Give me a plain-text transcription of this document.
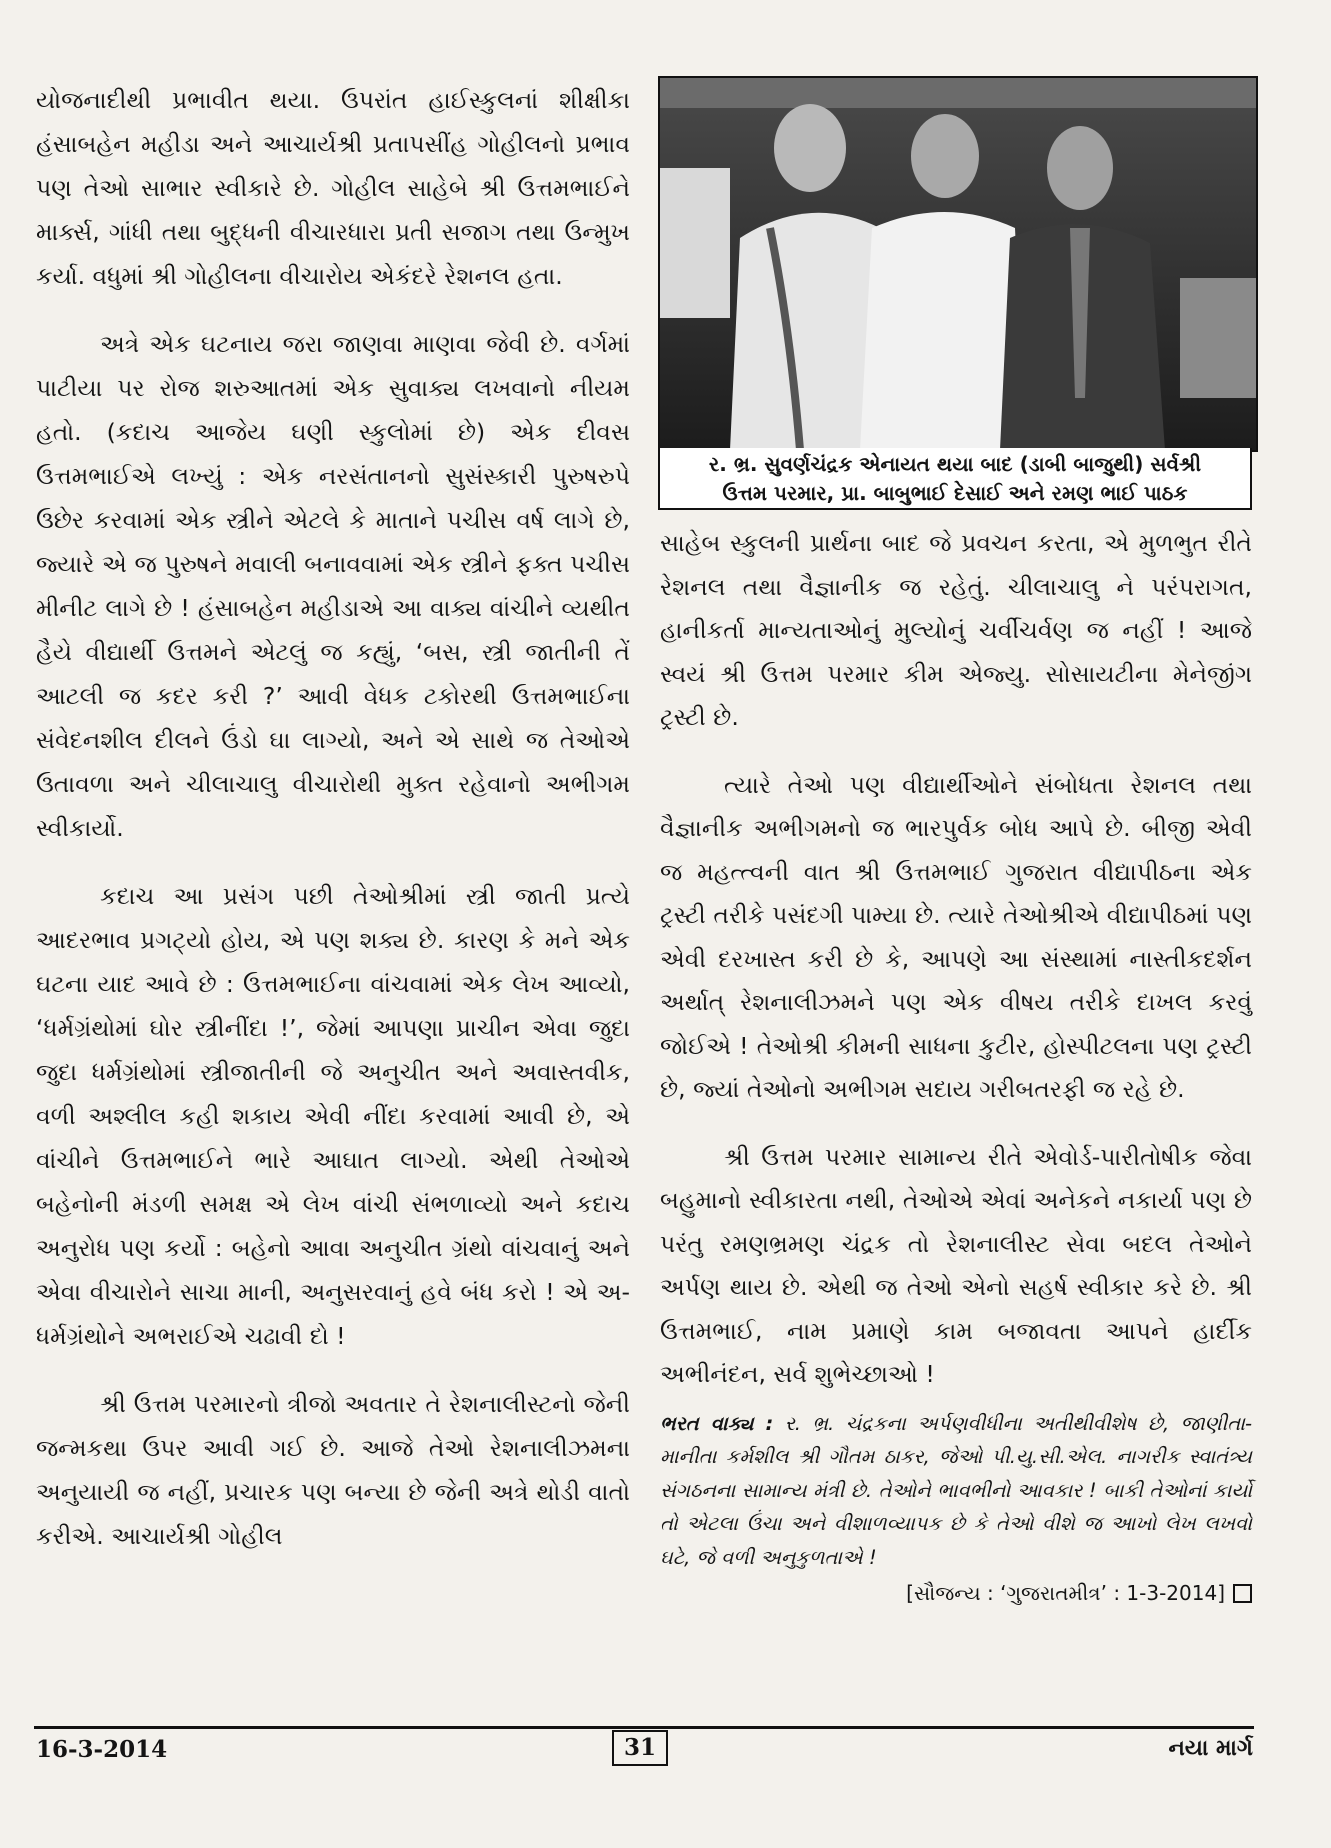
યોજનાદીથી પ્રભાવીત થયા. ઉપરાંત હાઈસ્કુલનાં શીક્ષીકા હંસાબહેન મહીડા અને આચાર્યશ્રી પ્રતાપસીંહ ગોહીલનો પ્રભાવ પણ તેઓ સાભાર સ્વીકારે છે. ગોહીલ સાહેબે શ્રી ઉત્તમભાઈને માર્ક્સ, ગાંધી તથા બુદ્ધની વીચારધારા પ્રતી સજાગ તથા ઉન્મુખ કર્યા. વધુમાં શ્રી ગોહીલના વીચારોય એકંદરે રેશનલ હતા.

અત્રે એક ઘટનાય જરા જાણવા માણવા જેવી છે. વર્ગમાં પાટીયા પર રોજ શરુઆતમાં એક સુવાક્ય લખવાનો નીયમ હતો. (કદાચ આજેય ઘણી સ્કુલોમાં છે) એક દીવસ ઉત્તમભાઈએ લખ્યું : એક નરસંતાનનો સુસંસ્કારી પુરુષરુપે ઉછેર કરવામાં એક સ્ત્રીને એટલે કે માતાને પચીસ વર્ષ લાગે છે, જ્યારે એ જ પુરુષને મવાલી બનાવવામાં એક સ્ત્રીને ફક્ત પચીસ મીનીટ લાગે છે ! હંસાબહેન મહીડાએ આ વાક્ય વાંચીને વ્યથીત હૈયે વીદ્યાર્થી ઉત્તમને એટલું જ કહ્યું, ‘બસ, સ્ત્રી જાતીની તેં આટલી જ કદર કરી ?’ આવી વેધક ટકોરથી ઉત્તમભાઈના સંવેદનશીલ દીલને ઉંડો ઘા લાગ્યો, અને એ સાથે જ તેઓએ ઉતાવળા અને ચીલાચાલુ વીચારોથી મુક્ત રહેવાનો અભીગમ સ્વીકાર્યો.

કદાચ આ પ્રસંગ પછી તેઓશ્રીમાં સ્ત્રી જાતી પ્રત્યે આદરભાવ પ્રગટ્યો હોય, એ પણ શક્ય છે. કારણ કે મને એક ઘટના યાદ આવે છે : ઉત્તમભાઈના વાંચવામાં એક લેખ આવ્યો, ‘ધર્મગ્રંથોમાં ઘોર સ્ત્રીનીંદા !’, જેમાં આપણા પ્રાચીન એવા જુદા જુદા ધર્મગ્રંથોમાં સ્ત્રીજાતીની જે અનુચીત અને અવાસ્તવીક, વળી અશ્લીલ કહી શકાય એવી નીંદા કરવામાં આવી છે, એ વાંચીને ઉત્તમભાઈને ભારે આઘાત લાગ્યો. એથી તેઓએ બહેનોની મંડળી સમક્ષ એ લેખ વાંચી સંભળાવ્યો અને કદાચ અનુરોધ પણ કર્યો : બહેનો આવા અનુચીત ગ્રંથો વાંચવાનું અને એવા વીચારોને સાચા માની, અનુસરવાનું હવે બંધ કરો ! એ અ-ધર્મગ્રંથોને અભરાઈએ ચઢાવી દો !

શ્રી ઉત્તમ પરમારનો ત્રીજો અવતાર તે રેશનાલીસ્ટનો જેની જન્મકથા ઉપર આવી ગઈ છે. આજે તેઓ રેશનાલીઝમના અનુયાયી જ નહીં, પ્રચારક પણ બન્યા છે જેની અત્રે થોડી વાતો કરીએ. આચાર્યશ્રી ગોહીલ

ર. ભ્ર. સુવર્ણચંદ્રક એનાયત થયા બાદ (ડાબી બાજુથી) સર્વશ્રી
ઉત્તમ પરમાર, પ્રા. બાબુભાઈ દેસાઈ અને રમણ ભાઈ પાઠક

સાહેબ સ્કુલની પ્રાર્થના બાદ જે પ્રવચન કરતા, એ મુળભુત રીતે રેશનલ તથા વૈજ્ઞાનીક જ રહેતું. ચીલાચાલુ ને પરંપરાગત, હાનીકર્તા માન્યતાઓનું મુલ્યોનું ચર્વીચર્વણ જ નહીં ! આજે સ્વયં શ્રી ઉત્તમ પરમાર કીમ એજ્યુ. સોસાયટીના મેનેજીંગ ટ્રસ્ટી છે.

ત્યારે તેઓ પણ વીદ્યાર્થીઓને સંબોધતા રેશનલ તથા વૈજ્ઞાનીક અભીગમનો જ ભારપુર્વક બોધ આપે છે. બીજી એવી જ મહત્ત્વની વાત શ્રી ઉત્તમભાઈ ગુજરાત વીદ્યાપીઠના એક ટ્રસ્ટી તરીકે પસંદગી પામ્યા છે. ત્યારે તેઓશ્રીએ વીદ્યાપીઠમાં પણ એવી દરખાસ્ત કરી છે કે, આપણે આ સંસ્થામાં નાસ્તીકદર્શન અર્થાત્ રેશનાલીઝમને પણ એક વીષય તરીકે દાખલ કરવું જોઈએ ! તેઓશ્રી કીમની સાધના કુટીર, હોસ્પીટલના પણ ટ્રસ્ટી છે, જ્યાં તેઓનો અભીગમ સદાય ગરીબતરફી જ રહે છે.

શ્રી ઉત્તમ પરમાર સામાન્ય રીતે એવોર્ડ-પારીતોષીક જેવા બહુમાનો સ્વીકારતા નથી, તેઓએ એવાં અનેકને નકાર્યા પણ છે પરંતુ રમણભ્રમણ ચંદ્રક તો રેશનાલીસ્ટ સેવા બદલ તેઓને અર્પણ થાય છે. એથી જ તેઓ એનો સહર્ષ સ્વીકાર કરે છે. શ્રી ઉત્તમભાઈ, નામ પ્રમાણે કામ બજાવતા આપને હાર્દીક અભીનંદન, સર્વ શુભેચ્છાઓ !

ભરત વાક્ય : ર. ભ્ર. ચંદ્રકના અર્પણવીધીના અતીથીવીશેષ છે, જાણીતા-માનીતા કર્મશીલ શ્રી ગૌતમ ઠાકર, જેઓ પી.યુ.સી.એલ. નાગરીક સ્વાતંત્ર્ય સંગઠનના સામાન્ય મંત્રી છે. તેઓને ભાવભીનો આવકાર ! બાકી તેઓનાં કાર્યો તો એટલા ઉંચા અને વીશાળવ્યાપક છે કે તેઓ વીશે જ આખો લેખ લખવો ઘટે, જે વળી અનુકુળતાએ !

[સૌજન્ય : ‘ગુજરાતમીત્ર’ : 1-3-2014]

16-3-2014	31	નયા માર્ગ
